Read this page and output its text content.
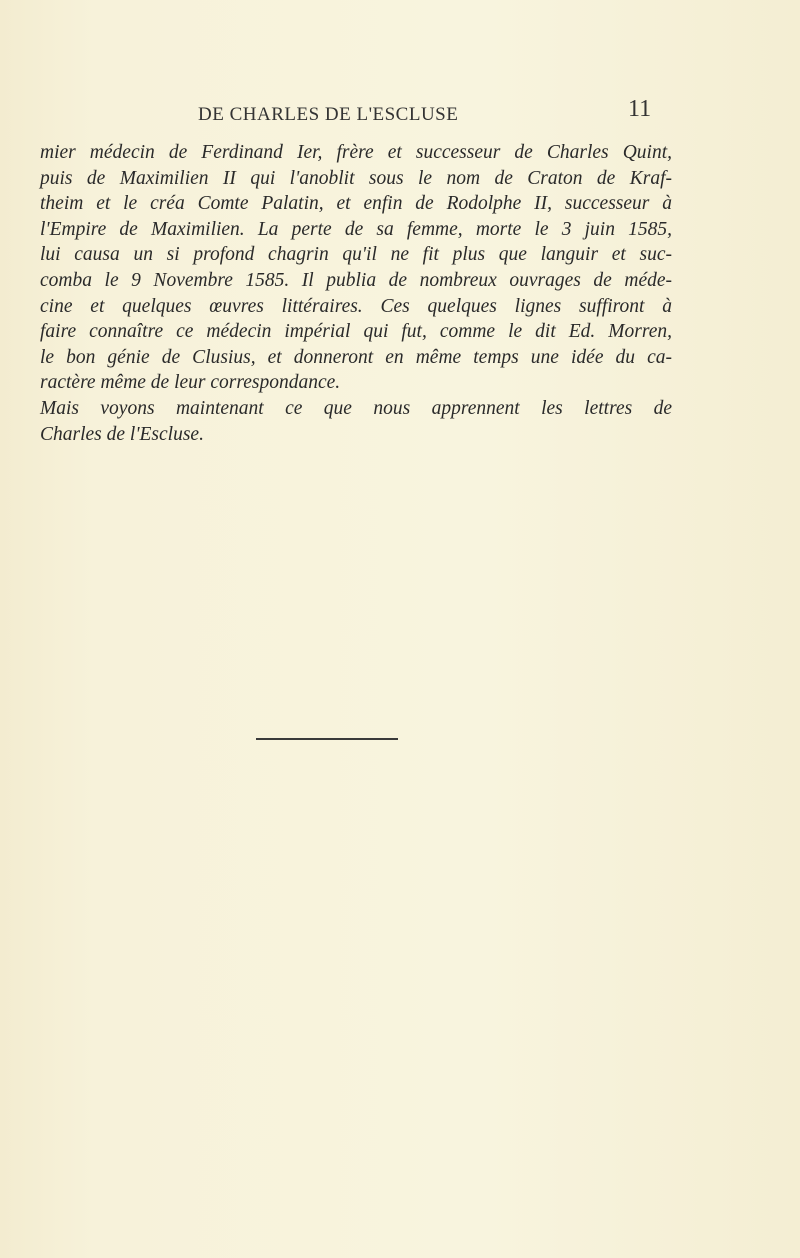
DE CHARLES DE L'ESCLUSE	11
mier médecin de Ferdinand Ier, frère et successeur de Charles Quint,
puis de Maximilien II qui l'anoblit sous le nom de Craton de Kraf-
theim et le créa Comte Palatin, et enfin de Rodolphe II, successeur à
l'Empire de Maximilien. La perte de sa femme, morte le 3 juin 1585,
lui causa un si profond chagrin qu'il ne fit plus que languir et suc-
comba le 9 Novembre 1585. Il publia de nombreux ouvrages de méde-
cine et quelques œuvres littéraires. Ces quelques lignes suffiront à
faire connaître ce médecin impérial qui fut, comme le dit Ed. Morren,
le bon génie de Clusius, et donneront en même temps une idée du ca-
ractère même de leur correspondance.
Mais voyons maintenant ce que nous apprennent les lettres de
Charles de l'Escluse.
